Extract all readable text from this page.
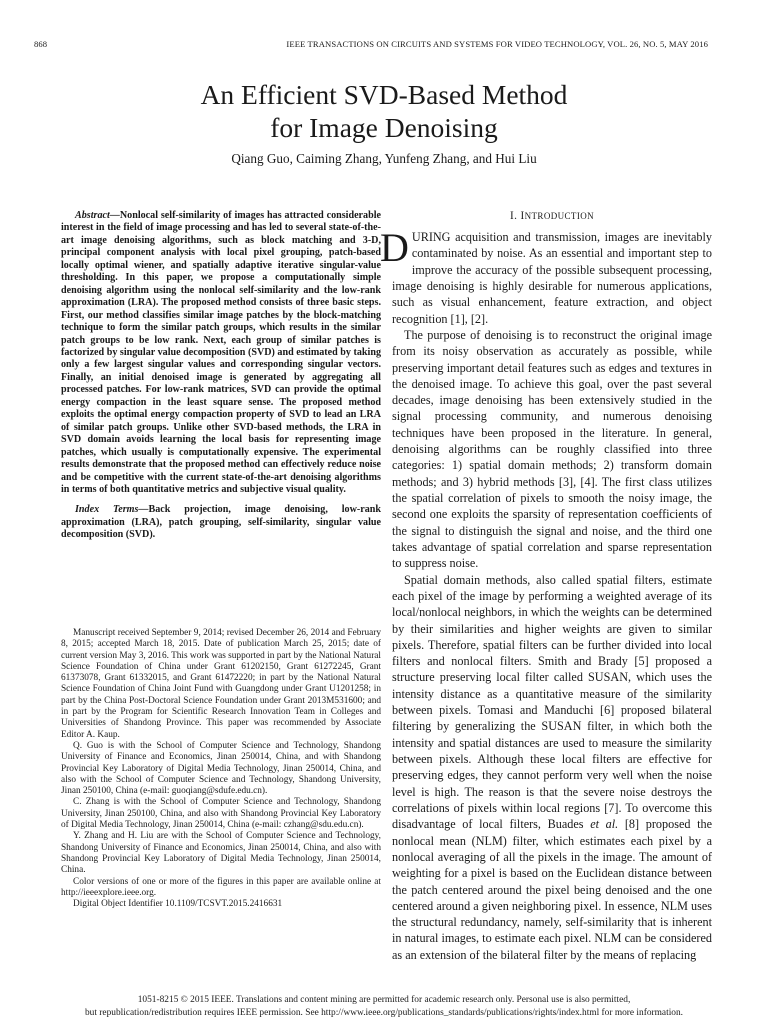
868	IEEE TRANSACTIONS ON CIRCUITS AND SYSTEMS FOR VIDEO TECHNOLOGY, VOL. 26, NO. 5, MAY 2016
An Efficient SVD-Based Method
for Image Denoising
Qiang Guo, Caiming Zhang, Yunfeng Zhang, and Hui Liu

Abstract—Nonlocal self-similarity of images has attracted considerable interest in the field of image processing and has led to several state-of-the-art image denoising algorithms, such as block matching and 3-D, principal component analysis with local pixel grouping, patch-based locally optimal wiener, and spatially adaptive iterative singular-value thresholding. In this paper, we propose a computationally simple denoising algorithm using the nonlocal self-similarity and the low-rank approximation (LRA). The proposed method consists of three basic steps. First, our method classifies similar image patches by the block-matching technique to form the similar patch groups, which results in the similar patch groups to be low rank. Next, each group of similar patches is factorized by singular value decomposition (SVD) and estimated by taking only a few largest singular values and corresponding singular vectors. Finally, an initial denoised image is generated by aggregating all processed patches. For low-rank matrices, SVD can provide the optimal energy compaction in the least square sense. The proposed method exploits the optimal energy compaction property of SVD to lead an LRA of similar patch groups. Unlike other SVD-based methods, the LRA in SVD domain avoids learning the local basis for representing image patches, which usually is computationally expensive. The experimental results demonstrate that the proposed method can effectively reduce noise and be competitive with the current state-of-the-art denoising algorithms in terms of both quantitative metrics and subjective visual quality.

Index Terms—Back projection, image denoising, low-rank approximation (LRA), patch grouping, self-similarity, singular value decomposition (SVD).

Manuscript received September 9, 2014; revised December 26, 2014 and February 8, 2015; accepted March 18, 2015. Date of publication March 25, 2015; date of current version May 3, 2016. This work was supported in part by the National Natural Science Foundation of China under Grant 61202150, Grant 61272245, Grant 61373078, Grant 61332015, and Grant 61472220; in part by the National Natural Science Foundation of China Joint Fund with Guangdong under Grant U1201258; in part by the China Post-Doctoral Science Foundation under Grant 2013M531600; and in part by the Program for Scientific Research Innovation Team in Colleges and Universities of Shandong Province. This paper was recommended by Associate Editor A. Kaup.

Q. Guo is with the School of Computer Science and Technology, Shandong University of Finance and Economics, Jinan 250014, China, and with Shandong Provincial Key Laboratory of Digital Media Technology, Jinan 250014, China, and also with the School of Computer Science and Technology, Shandong University, Jinan 250100, China (e-mail: guoqiang@sdufe.edu.cn).

C. Zhang is with the School of Computer Science and Technology, Shandong University, Jinan 250100, China, and also with Shandong Provincial Key Laboratory of Digital Media Technology, Jinan 250014, China (e-mail: czhang@sdu.edu.cn).

Y. Zhang and H. Liu are with the School of Computer Science and Technology, Shandong University of Finance and Economics, Jinan 250014, China, and also with Shandong Provincial Key Laboratory of Digital Media Technology, Jinan 250014, China.

Color versions of one or more of the figures in this paper are available online at http://ieeexplore.ieee.org.

Digital Object Identifier 10.1109/TCSVT.2015.2416631

I. INTRODUCTION

DURING acquisition and transmission, images are inevitably contaminated by noise. As an essential and important step to improve the accuracy of the possible subsequent processing, image denoising is highly desirable for numerous applications, such as visual enhancement, feature extraction, and object recognition [1], [2].

The purpose of denoising is to reconstruct the original image from its noisy observation as accurately as possible, while preserving important detail features such as edges and textures in the denoised image. To achieve this goal, over the past several decades, image denoising has been extensively studied in the signal processing community, and numerous denoising techniques have been proposed in the literature. In general, denoising algorithms can be roughly classified into three categories: 1) spatial domain methods; 2) transform domain methods; and 3) hybrid methods [3], [4]. The first class utilizes the spatial correlation of pixels to smooth the noisy image, the second one exploits the sparsity of representation coefficients of the signal to distinguish the signal and noise, and the third one takes advantage of spatial correlation and sparse representation to suppress noise.

Spatial domain methods, also called spatial filters, estimate each pixel of the image by performing a weighted average of its local/nonlocal neighbors, in which the weights can be determined by their similarities and higher weights are given to similar pixels. Therefore, spatial filters can be further divided into local filters and nonlocal filters. Smith and Brady [5] proposed a structure preserving local filter called SUSAN, which uses the intensity distance as a quantitative measure of the similarity between pixels. Tomasi and Manduchi [6] proposed bilateral filtering by generalizing the SUSAN filter, in which both the intensity and spatial distances are used to measure the similarity between pixels. Although these local filters are effective for preserving edges, they cannot perform very well when the noise level is high. The reason is that the severe noise destroys the correlations of pixels within local regions [7]. To overcome this disadvantage of local filters, Buades et al. [8] proposed the nonlocal mean (NLM) filter, which estimates each pixel by a nonlocal averaging of all the pixels in the image. The amount of weighting for a pixel is based on the Euclidean distance between the patch centered around the pixel being denoised and the one centered around a given neighboring pixel. In essence, NLM uses the structural redundancy, namely, self-similarity that is inherent in natural images, to estimate each pixel. NLM can be considered as an extension of the bilateral filter by the means of replacing

1051-8215 © 2015 IEEE. Translations and content mining are permitted for academic research only. Personal use is also permitted,
but republication/redistribution requires IEEE permission. See http://www.ieee.org/publications_standards/publications/rights/index.html for more information.
